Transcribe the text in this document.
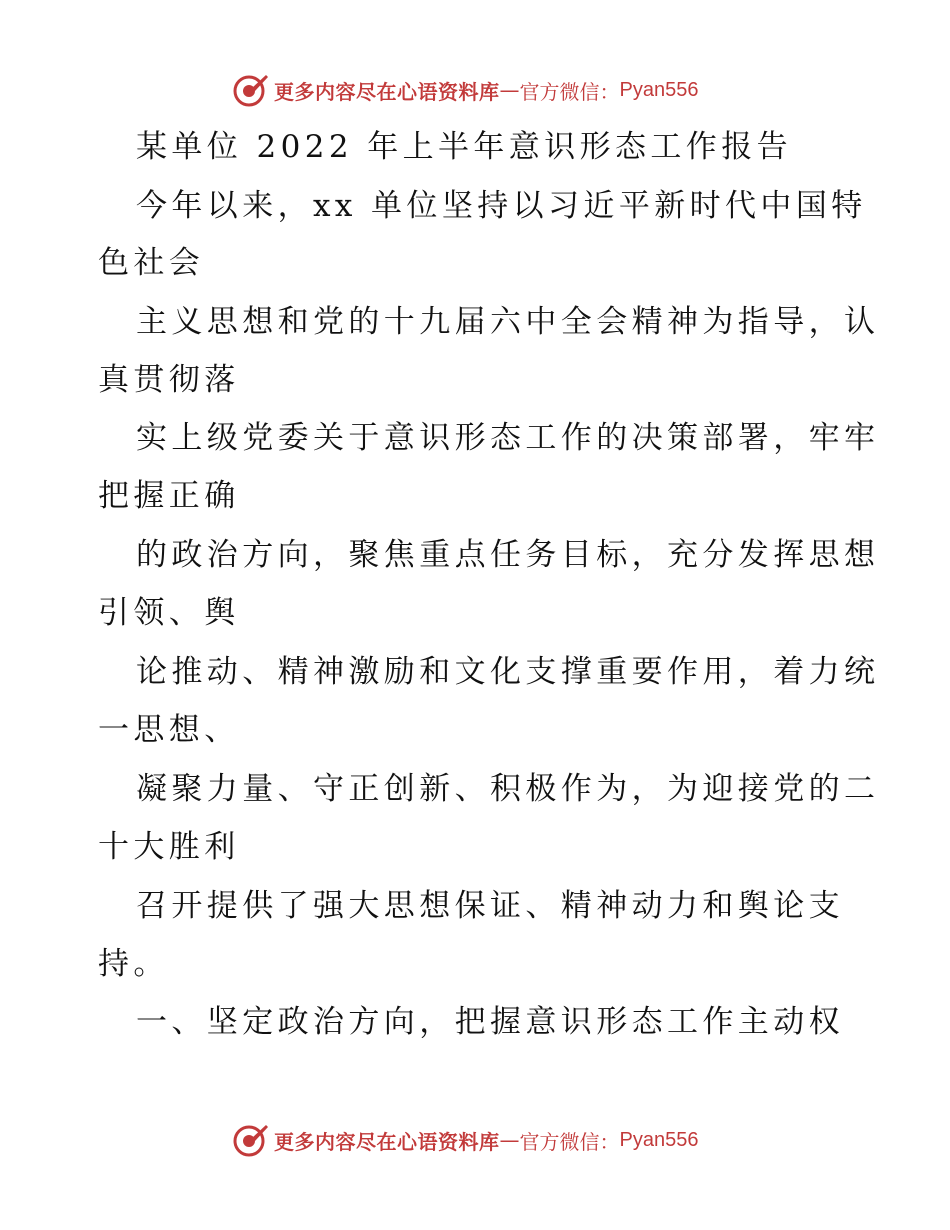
更多内容尽在心语资料库 — 官方微信： Pyan556
某单位 2022 年上半年意识形态工作报告
今年以来，xx 单位坚持以习近平新时代中国特
色社会
主义思想和党的十九届六中全会精神为指导，认
真贯彻落
实上级党委关于意识形态工作的决策部署，牢牢
把握正确
的政治方向，聚焦重点任务目标，充分发挥思想
引领、舆
论推动、精神激励和文化支撑重要作用，着力统
一思想、
凝聚力量、守正创新、积极作为，为迎接党的二
十大胜利
召开提供了强大思想保证、精神动力和舆论支
持。
一、坚定政治方向，把握意识形态工作主动权
更多内容尽在心语资料库 — 官方微信： Pyan556
